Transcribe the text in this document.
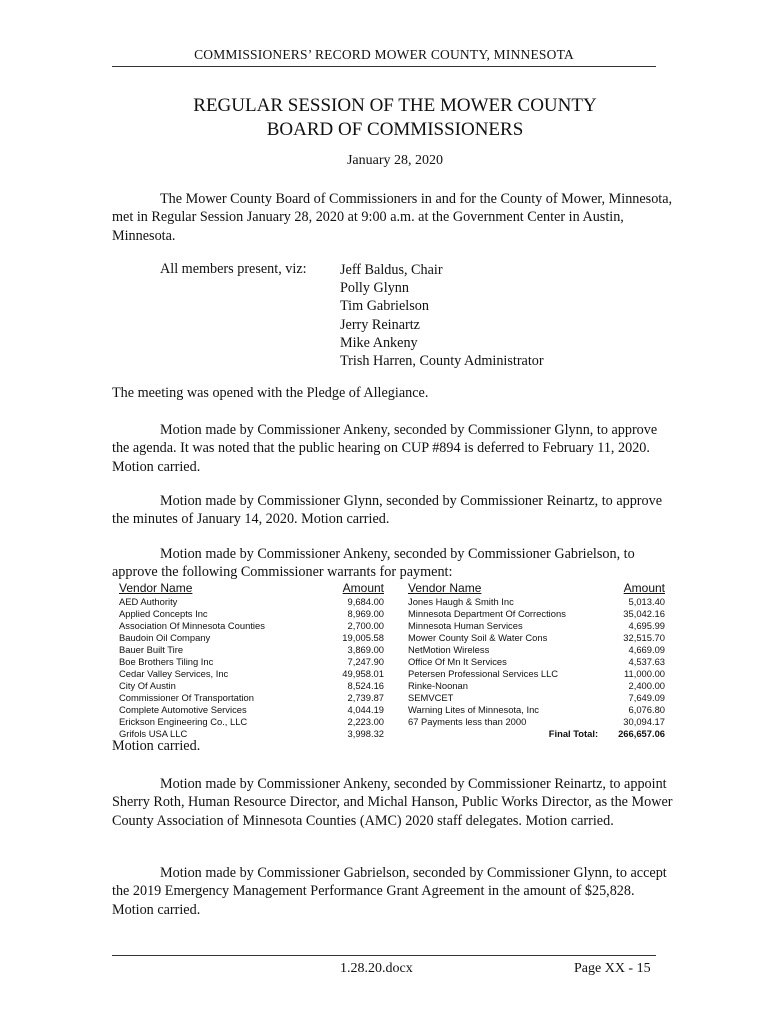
COMMISSIONERS’ RECORD MOWER COUNTY, MINNESOTA
REGULAR SESSION OF THE MOWER COUNTY
BOARD OF COMMISSIONERS
January 28, 2020

The Mower County Board of Commissioners in and for the County of Mower, Minnesota, met in Regular Session January 28, 2020 at 9:00 a.m. at the Government Center in Austin, Minnesota.

All members present, viz: Jeff Baldus, Chair
Polly Glynn
Tim Gabrielson
Jerry Reinartz
Mike Ankeny
Trish Harren, County Administrator

The meeting was opened with the Pledge of Allegiance.

Motion made by Commissioner Ankeny, seconded by Commissioner Glynn, to approve the agenda. It was noted that the public hearing on CUP #894 is deferred to February 11, 2020. Motion carried.

Motion made by Commissioner Glynn, seconded by Commissioner Reinartz, to approve the minutes of January 14, 2020. Motion carried.

Motion made by Commissioner Ankeny, seconded by Commissioner Gabrielson, to approve the following Commissioner warrants for payment:

Vendor Name	Amount
AED Authority	9,684.00
Applied Concepts Inc	8,969.00
Association Of Minnesota Counties	2,700.00
Baudoin Oil Company	19,005.58
Bauer Built Tire	3,869.00
Boe Brothers Tiling Inc	7,247.90
Cedar Valley Services, Inc	49,958.01
City Of Austin	8,524.16
Commissioner Of Transportation	2,739.87
Complete Automotive Services	4,044.19
Erickson Engineering Co., LLC	2,223.00
Grifols USA LLC	3,998.32
Vendor Name	Amount
Jones Haugh & Smith Inc	5,013.40
Minnesota Department Of Corrections	35,042.16
Minnesota Human Services	4,695.99
Mower County Soil & Water Cons	32,515.70
NetMotion Wireless	4,669.09
Office Of Mn It Services	4,537.63
Petersen Professional Services LLC	11,000.00
Rinke-Noonan	2,400.00
SEMVCET	7,649.09
Warning Lites of Minnesota, Inc	6,076.80
67 Payments less than 2000	30,094.17
Final Total:	266,657.06

Motion carried.

Motion made by Commissioner Ankeny, seconded by Commissioner Reinartz, to appoint Sherry Roth, Human Resource Director, and Michal Hanson, Public Works Director, as the Mower County Association of Minnesota Counties (AMC) 2020 staff delegates. Motion carried.

Motion made by Commissioner Gabrielson, seconded by Commissioner Glynn, to accept the 2019 Emergency Management Performance Grant Agreement in the amount of $25,828. Motion carried.

1.28.20.docx	Page XX - 15
